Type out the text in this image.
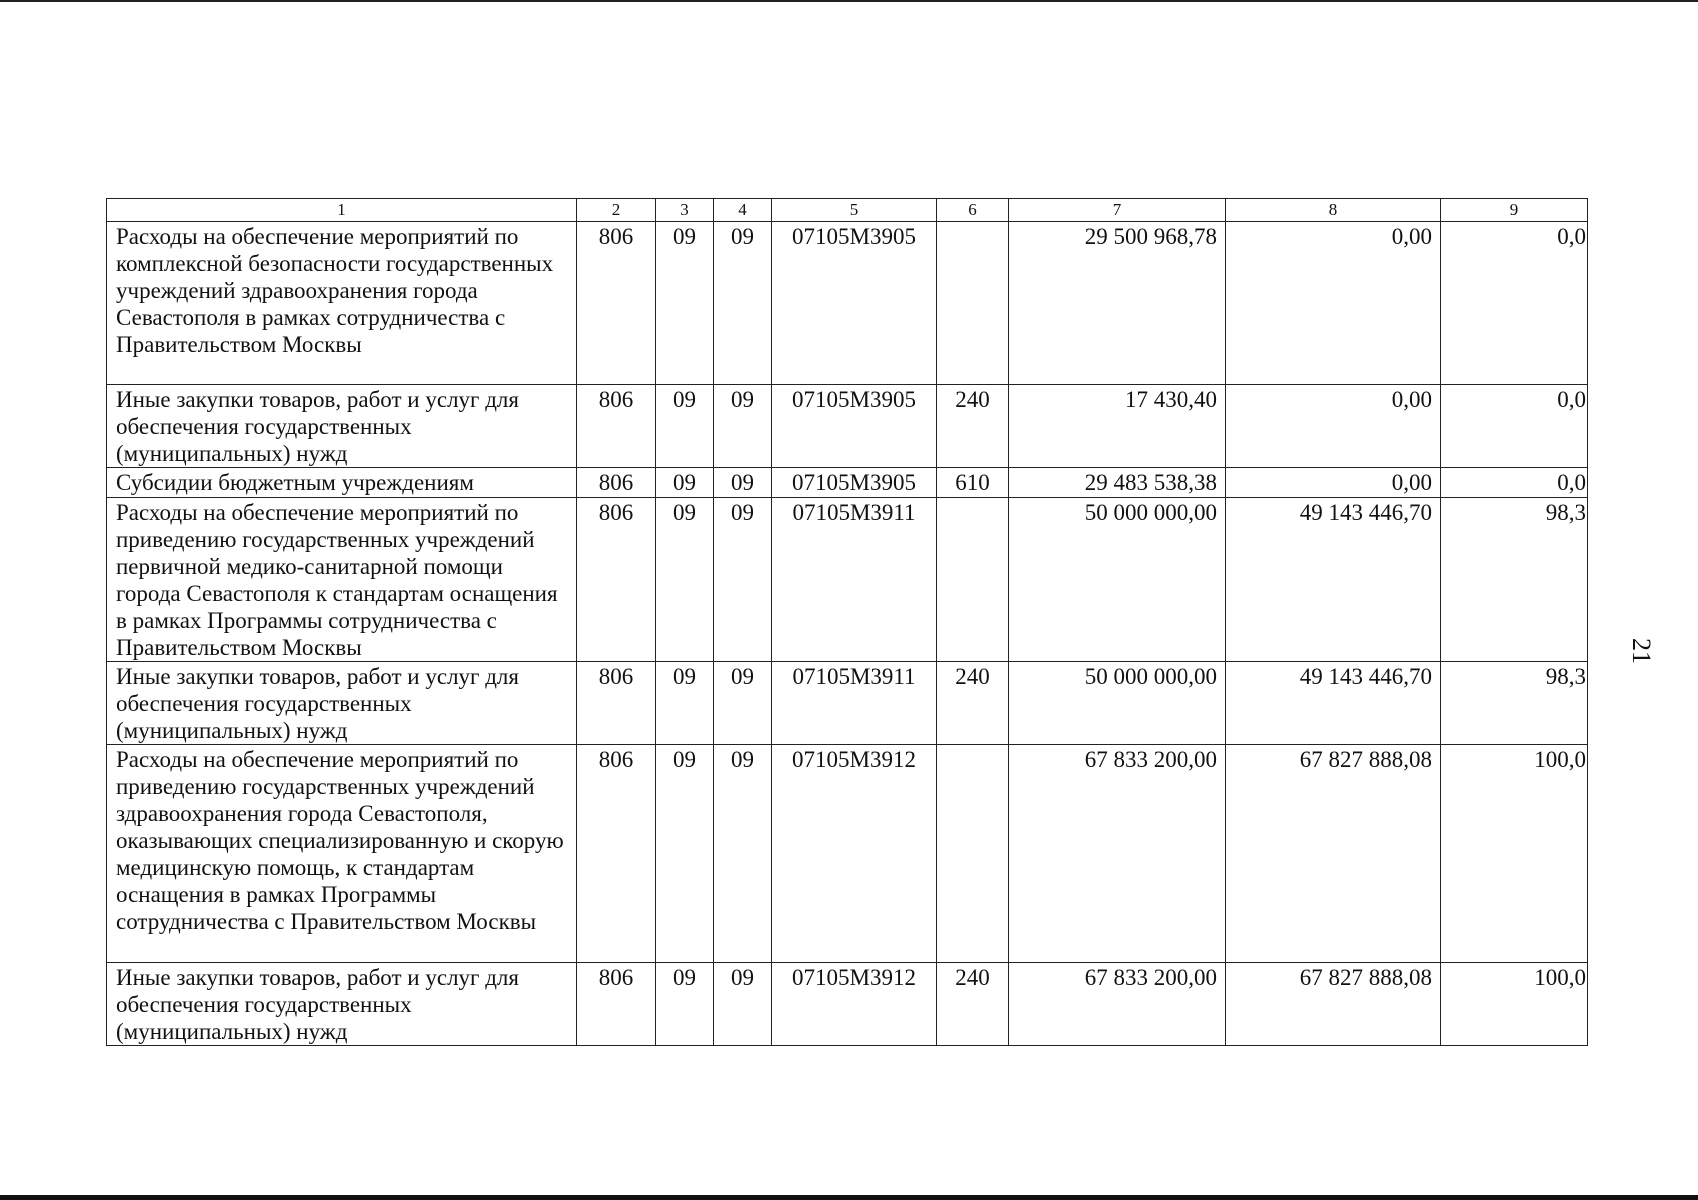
1	2	3	4	5	6	7	8	9
Расходы на обеспечение мероприятий по комплексной безопасности государственных учреждений здравоохранения города Севастополя в рамках сотрудничества с Правительством Москвы	806	09	09	07105M3905		29 500 968,78	0,00	0,0
Иные закупки товаров, работ и услуг для обеспечения государственных (муниципальных) нужд	806	09	09	07105M3905	240	17 430,40	0,00	0,0
Субсидии бюджетным учреждениям	806	09	09	07105M3905	610	29 483 538,38	0,00	0,0
Расходы на обеспечение мероприятий по приведению государственных учреждений первичной медико-санитарной помощи города Севастополя к стандартам оснащения в рамках Программы сотрудничества с Правительством Москвы	806	09	09	07105M3911		50 000 000,00	49 143 446,70	98,3
Иные закупки товаров, работ и услуг для обеспечения государственных (муниципальных) нужд	806	09	09	07105M3911	240	50 000 000,00	49 143 446,70	98,3
Расходы на обеспечение мероприятий по приведению государственных учреждений здравоохранения города Севастополя, оказывающих специализированную и скорую медицинскую помощь, к стандартам оснащения в рамках Программы сотрудничества с Правительством Москвы	806	09	09	07105M3912		67 833 200,00	67 827 888,08	100,0
Иные закупки товаров, работ и услуг для обеспечения государственных (муниципальных) нужд	806	09	09	07105M3912	240	67 833 200,00	67 827 888,08	100,0
21
